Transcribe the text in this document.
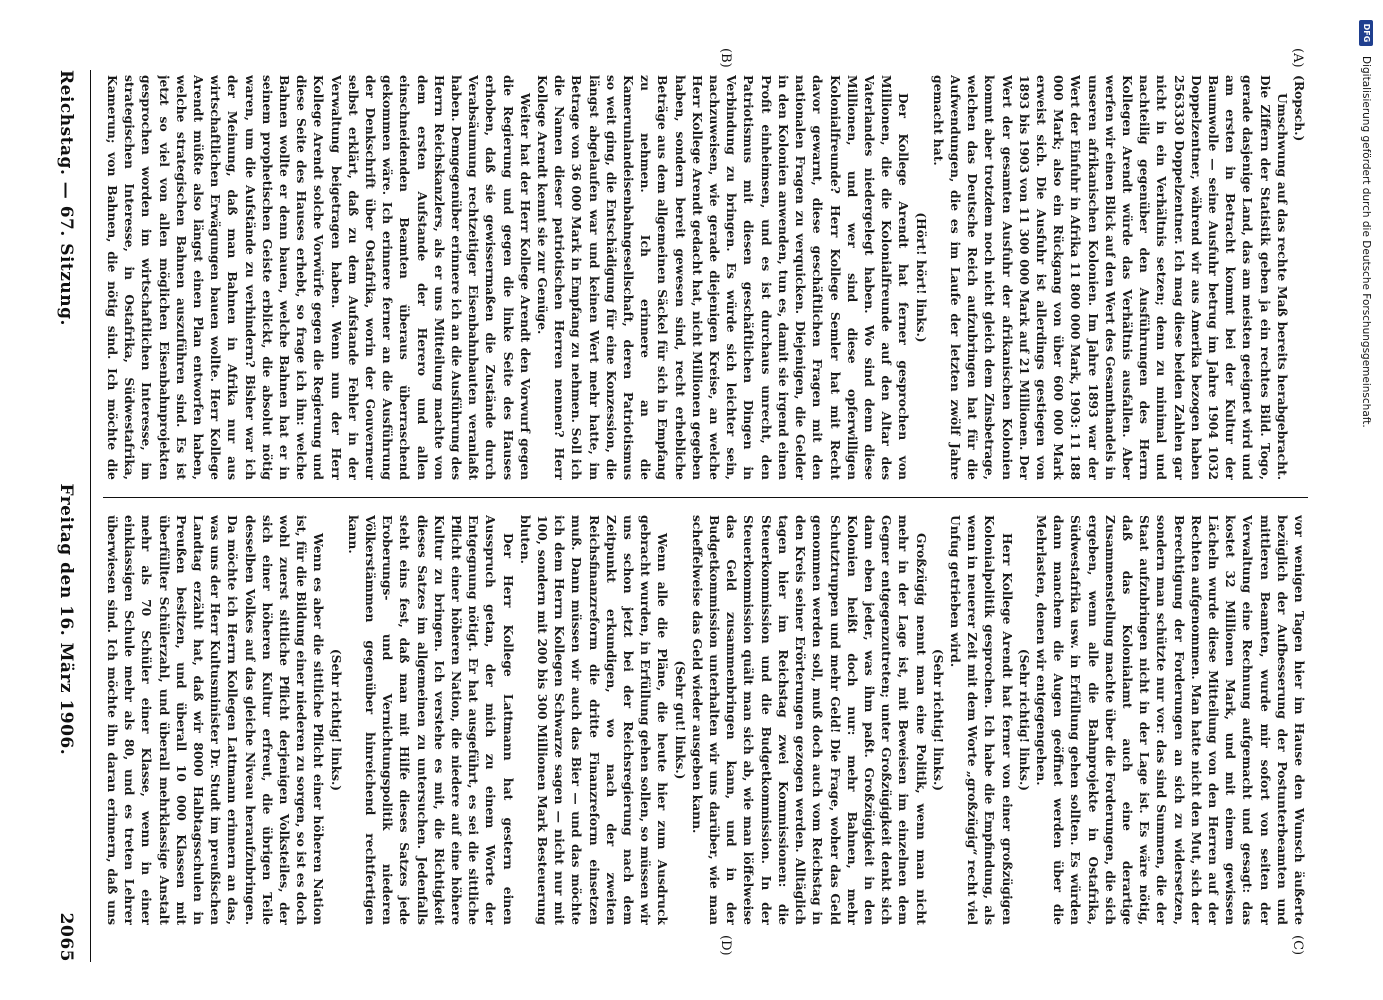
DFG
Digitalisierung gefördert durch die Deutsche Forschungsgemeinschaft.
(A)
(B)
(C)
(D)

(Ropsch.)

Umschwung auf das rechte Maß bereits herabgebracht. Die Ziffern der Statistik geben ja ein rechtes Bild. Togo, gerade dasjenige Land, das am meisten geeignet wird und am ersten in Betracht kommt bei der Kultur der Baumwolle — seine Ausfuhr betrug im Jahre 1904 1032 Doppelzentner, während wir aus Amerika bezogen haben 2563330 Doppelzentner. Ich mag diese beiden Zahlen gar nicht in ein Verhältnis setzen; denn zu minimal und nachteilig gegenüber den Ausführungen des Herrn Kollegen Arendt würde das Verhältnis ausfallen. Aber werfen wir einen Blick auf den Wert des Gesamthandels in unseren afrikanischen Kolonien. Im Jahre 1893 war der Wert der Einfuhr in Afrika 11 800 000 Mark, 1903: 11 188 000 Mark; also ein Rückgang von über 600 000 Mark erweist sich. Die Ausfuhr ist allerdings gestiegen von 1893 bis 1903 von 11 300 000 Mark auf 21 Millionen. Der Wert der gesamten Ausfuhr der afrikanischen Kolonien kommt aber trotzdem noch nicht gleich dem Zinsbetrage, welchen das Deutsche Reich aufzubringen hat für die Aufwendungen, die es im Laufe der letzten zwölf Jahre gemacht hat.

(Hört! hört! links.)

Der Kollege Arendt hat ferner gesprochen von Millionen, die die Kolonialfreunde auf den Altar des Vaterlandes niedergelegt haben. Wo sind denn diese Millionen, und wer sind diese opferwilligen Kolonialfreunde? Herr Kollege Semler hat mit Recht davor gewarnt, diese geschäftlichen Fragen mit den nationalen Fragen zu verquicken. Diejenigen, die Gelder in den Kolonien anwenden, tun es, damit sie irgend einen Profit einheimsen, und es ist durchaus unrecht, den Patriotismus mit diesen geschäftlichen Dingen in Verbindung zu bringen. Es würde sich leichter sein, nachzuweisen, wie gerade diejenigen Kreise, an welche Herr Kollege Arendt gedacht hat, nicht Millionen gegeben haben, sondern bereit gewesen sind, recht erhebliche Beträge aus dem allgemeinen Säckel für sich in Empfang zu nehmen. Ich erinnere an die Kamerunlandeisenbahngesellschaft, deren Patriotismus so weit ging, die Entschädigung für eine Konzession, die längst abgelaufen war und keinen Wert mehr hatte, im Betrage von 36 000 Mark in Empfang zu nehmen. Soll ich die Namen dieser patriotischen Herren nennen? Herr Kollege Arendt kennt sie zur Genüge.

Weiter hat der Herr Kollege Arendt den Vorwurf gegen die Regierung und gegen die linke Seite des Hauses erhoben, daß sie gewissermaßen die Zustände durch Verabsäumung rechtzeitiger Eisenbahnbauten veranlaßt haben. Demgegenüber erinnere ich an die Ausführung des Herrn Reichskanzlers, als er uns Mitteilung machte von dem ersten Aufstande der Herero und allen einschneidenden Beamten überaus überraschend gekommen wäre. Ich erinnere ferner an die Ausführung der Denkschrift über Ostafrika, worin der Gouverneur selbst erklärt, daß zu dem Aufstande Fehler in der Verwaltung beigetragen haben. Wenn nun der Herr Kollege Arendt solche Vorwürfe gegen die Regierung und diese Seite des Hauses erhebt, so frage ich ihn: welche Bahnen wollte er denn bauen, welche Bahnen hat er in seinem prophetischen Geiste erblickt, die absolut nötig waren, um die Aufstände zu verhindern? Bisher war ich der Meinung, daß man Bahnen in Afrika nur aus wirtschaftlichen Erwägungen bauen wollte. Herr Kollege Arendt müßte also längst einen Plan entworfen haben, welche strategischen Bahnen auszuführen sind. Es ist jetzt so viel von allen möglichen Eisenbahnprojekten gesprochen worden im wirtschaftlichen Interesse, im strategischen Interesse, in Ostafrika, Südwestafrika, Kamerun; von Bahnen, die nötig sind. Ich möchte die

vor wenigen Tagen hier im Hause den Wunsch äußerte bezüglich der Aufbesserung der Postunterbeamten und mittleren Beamten, wurde mir sofort von seiten der Verwaltung eine Rechnung aufgemacht und gesagt: das kostet 32 Millionen Mark, und mit einem gewissen Lächeln wurde diese Mitteilung von den Herren auf der Rechten aufgenommen. Man hatte nicht den Mut, sich der Berechtigung der Forderungen an sich zu widersetzen, sondern man schützte nur vor: das sind Summen, die der Staat aufzubringen nicht in der Lage ist. Es wäre nötig, daß das Kolonialamt auch eine derartige Zusammenstellung machte über die Forderungen, die sich ergeben, wenn alle die Bahnprojekte in Ostafrika, Südwestafrika usw. in Erfüllung gehen sollten. Es würden dann manchem die Augen geöffnet werden über die Mehrlasten, denen wir entgegengehen.

(Sehr richtig! links.)

Herr Kollege Arendt hat ferner von einer großzügigen Kolonialpolitik gesprochen. Ich habe die Empfindung, als wenn in neuerer Zeit mit dem Worte „großzügig“ recht viel Unfug getrieben wird.

(Sehr richtig! links.)

Großzügig nennt man eine Politik, wenn man nicht mehr in der Lage ist, mit Beweisen im einzelnen dem Gegner entgegenzutreten; unter Großzügigkeit denkt sich dann eben jeder, was ihm paßt. Großzügigkeit in den Kolonien heißt doch nur: mehr Bahnen, mehr Schutztruppen und mehr Geld! Die Frage, woher das Geld genommen werden soll, muß doch auch vom Reichstag in den Kreis seiner Erörterungen gezogen werden. Alltäglich tagen hier im Reichstag zwei Kommissionen: die Steuerkommission und die Budgetkommission. In der Steuerkommission quält man sich ab, wie man löffelweise das Geld zusammenbringen kann, und in der Budgetkommission unterhalten wir uns darüber, wie man scheffelweise das Geld wieder ausgeben kann.

(Sehr gut! links.)

Wenn alle die Pläne, die heute hier zum Ausdruck gebracht wurden, in Erfüllung gehen sollen, so müssen wir uns schon jetzt bei der Reichsregierung nach dem Zeitpunkt erkundigen, wo nach der zweiten Reichsfinanzreform die dritte Finanzreform einsetzen muß. Dann müssen wir auch das Bier — und das möchte ich dem Herrn Kollegen Schwarze sagen — nicht nur mit 100, sondern mit 200 bis 300 Millionen Mark Besteuerung bluten.

Der Herr Kollege Lattmann hat gestern einen Ausspruch getan, der mich zu einem Worte der Entgegnung nötigt. Er hat ausgeführt, es sei die sittliche Pflicht einer höheren Nation, die niedere auf eine höhere Kultur zu bringen. Ich verstehe es mit, die Richtigkeit dieses Satzes im allgemeinen zu untersuchen. Jedenfalls steht eins fest, daß man mit Hilfe dieses Satzes jede Eroberungs- und Vernichtungspolitik niederen Völkerstämmen gegenüber hinreichend rechtfertigen kann.

(Sehr richtig! links.)

Wenn es aber die sittliche Pflicht einer höheren Nation ist, für die Bildung einer niederen zu sorgen, so ist es doch wohl zuerst sittliche Pflicht derjenigen Volksteiles, der sich einer höheren Kultur erfreut, die übrigen Teile desselben Volkes auf das gleiche Niveau heraufzubringen. Da möchte ich Herrn Kollegen Lattmann erinnern an das, was uns der Herr Kultusminister Dr. Studt im preußischen Landtag erzählt hat, daß wir 8000 Halbtagsschulen in Preußen besitzen, und überall 10 000 Klassen mit überfüllter Schülerzahl, und überall mehrklassige Anstalt mehr als 70 Schüler einer Klasse, wenn in einer einklassigen Schule mehr als 80, und es treten Lehrer überwiesen sind. Ich möchte ihn daran erinnern, daß uns

Reichstag. — 67. Sitzung.
Freitag den 16. März 1906.
2065
